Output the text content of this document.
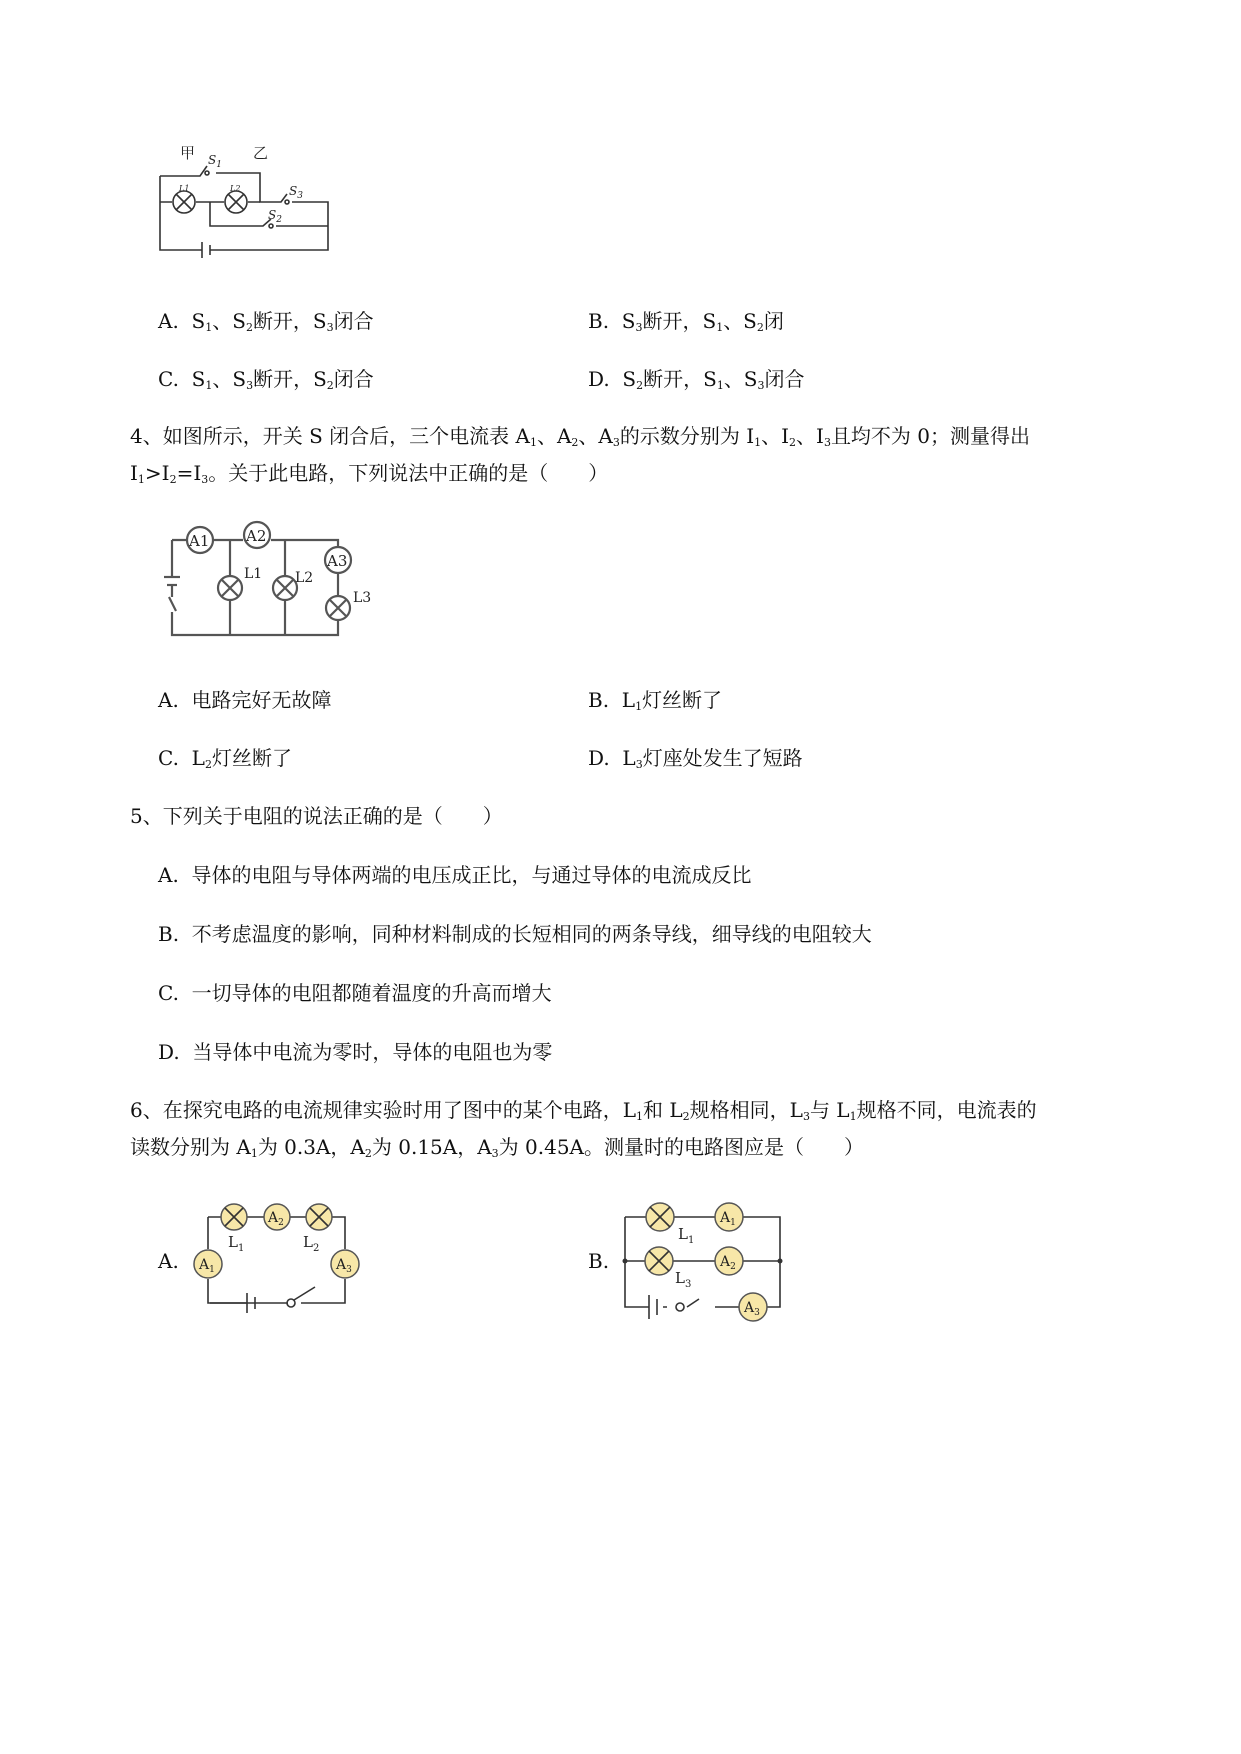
甲	乙
$S_1$
$S_3$
$S_2$
L1	L2
A. $S_1$、$S_2$断开，$S_3$闭合	B. $S_3$断开，$S_1$、$S_2$闭
C. $S_1$、$S_3$断开，$S_2$闭合	D. $S_2$断开，$S_1$、$S_3$闭合
4、如图所示，开关 S 闭合后，三个电流表 $A_1$、$A_2$、$A_3$的示数分别为 $I_1$、$I_2$、$I_3$且均不为 0；测量得出
$I_1>I_2=I_3$。关于此电路，下列说法中正确的是（　　）
A1 A2
A3
L1 L2
L3
A. 电路完好无故障	B. $L_1$灯丝断了
C. $L_2$灯丝断了	D. $L_3$灯座处发生了短路
5、下列关于电阻的说法正确的是（　　）
A. 导体的电阻与导体两端的电压成正比，与通过导体的电流成反比
B. 不考虑温度的影响，同种材料制成的长短相同的两条导线，细导线的电阻较大
C. 一切导体的电阻都随着温度的升高而增大
D. 当导体中电流为零时，导体的电阻也为零
6、在探究电路的电流规律实验时用了图中的某个电路，$L_1$和 $L_2$规格相同，$L_3$与 $L_1$规格不同，电流表的
读数分别为 $A_1$为 0.3A，$A_2$为 0.15A，$A_3$为 0.45A。测量时的电路图应是（　　）
A.
$L_1$
$A_2$
$L_2$
$A_1$	$A_3$	B.
$L_1$
$A_1$
$L_3$
$A_2$
$A_3$
